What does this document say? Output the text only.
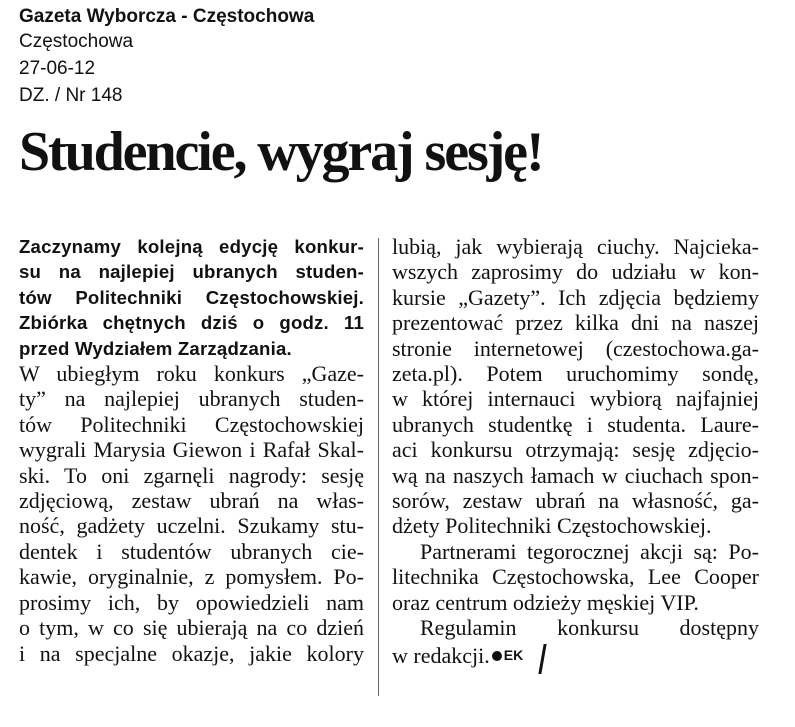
Gazeta Wyborcza - Częstochowa
Częstochowa
27-06-12
DZ. / Nr 148
Studencie, wygraj sesję!
Zaczynamy kolejną edycję konkur-
su na najlepiej ubranych studen-
tów Politechniki Częstochowskiej.
Zbiórka chętnych dziś o godz. 11
przed Wydziałem Zarządzania.
W ubiegłym roku konkurs „Gaze-
ty” na najlepiej ubranych studen-
tów Politechniki Częstochowskiej
wygrali Marysia Giewon i Rafał Skal-
ski. To oni zgarnęli nagrody: sesję
zdjęciową, zestaw ubrań na włas-
ność, gadżety uczelni. Szukamy stu-
dentek i studentów ubranych cie-
kawie, oryginalnie, z pomysłem. Po-
prosimy ich, by opowiedzieli nam
o tym, w co się ubierają na co dzień
i na specjalne okazje, jakie kolory
lubią, jak wybierają ciuchy. Najcieka-
wszych zaprosimy do udziału w kon-
kursie „Gazety”. Ich zdjęcia będziemy
prezentować przez kilka dni na naszej
stronie internetowej (czestochowa.ga-
zeta.pl). Potem uruchomimy sondę,
w której internauci wybiorą najfajniej
ubranych studentkę i studenta. Laure-
aci konkursu otrzymają: sesję zdjęcio-
wą na naszych łamach w ciuchach spon-
sorów, zestaw ubrań na własność, ga-
dżety Politechniki Częstochowskiej.
Partnerami tegorocznej akcji są: Po-
litechnika Częstochowska, Lee Cooper
oraz centrum odzieży męskiej VIP.
Regulamin konkursu dostępny
w redakcji. EK
